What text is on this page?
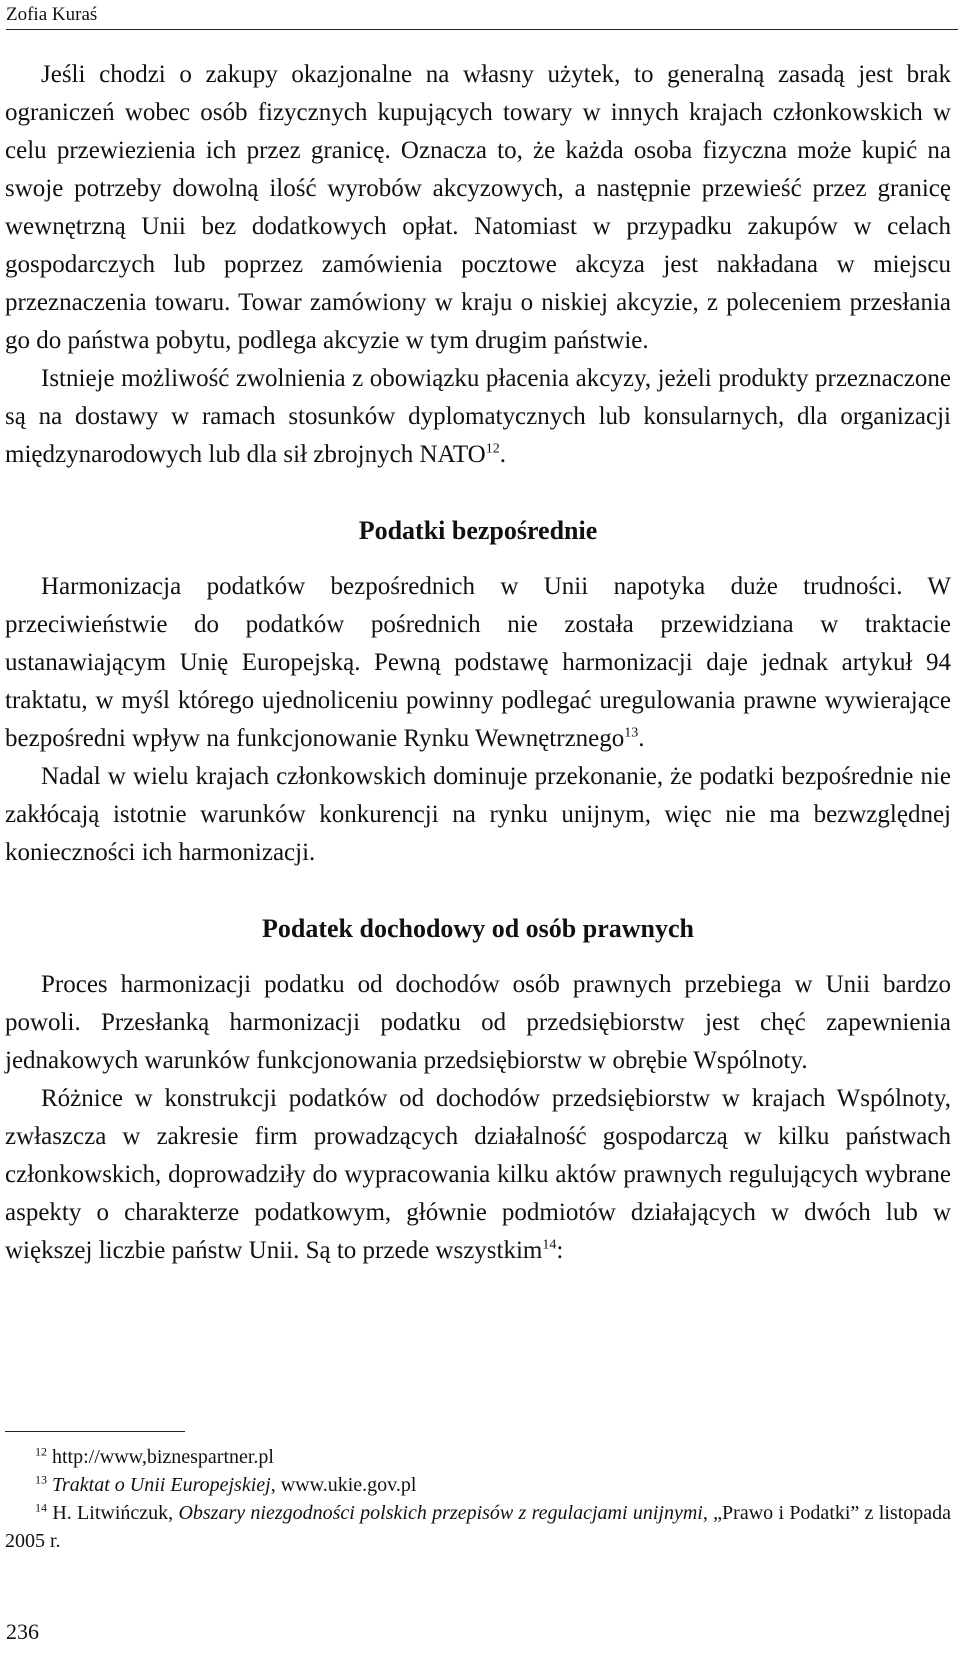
Zofia Kuraś

Jeśli chodzi o zakupy okazjonalne na własny użytek, to generalną zasadą jest brak ograniczeń wobec osób fizycznych kupujących towary w innych krajach członkowskich w celu przewiezienia ich przez granicę. Oznacza to, że każda osoba fizyczna może kupić na swoje potrzeby dowolną ilość wyrobów akcyzowych, a następnie przewieść przez granicę wewnętrzną Unii bez dodatkowych opłat. Natomiast w przypadku zakupów w celach gospodarczych lub poprzez zamówienia pocztowe akcyza jest nakładana w miejscu przeznaczenia towaru. Towar zamówiony w kraju o niskiej akcyzie, z poleceniem przesłania go do państwa pobytu, podlega akcyzie w tym drugim państwie.

Istnieje możliwość zwolnienia z obowiązku płacenia akcyzy, jeżeli produkty przeznaczone są na dostawy w ramach stosunków dyplomatycznych lub konsularnych, dla organizacji międzynarodowych lub dla sił zbrojnych NATO$^{12}$.

Podatki bezpośrednie

Harmonizacja podatków bezpośrednich w Unii napotyka duże trudności. W przeciwieństwie do podatków pośrednich nie została przewidziana w traktacie ustanawiającym Unię Europejską. Pewną podstawę harmonizacji daje jednak artykuł 94 traktatu, w myśl którego ujednoliceniu powinny podlegać uregulowania prawne wywierające bezpośredni wpływ na funkcjonowanie Rynku Wewnętrznego$^{13}$.

Nadal w wielu krajach członkowskich dominuje przekonanie, że podatki bezpośrednie nie zakłócają istotnie warunków konkurencji na rynku unijnym, więc nie ma bezwzględnej konieczności ich harmonizacji.

Podatek dochodowy od osób prawnych

Proces harmonizacji podatku od dochodów osób prawnych przebiega w Unii bardzo powoli. Przesłanką harmonizacji podatku od przedsiębiorstw jest chęć zapewnienia jednakowych warunków funkcjonowania przedsiębiorstw w obrębie Wspólnoty.

Różnice w konstrukcji podatków od dochodów przedsiębiorstw w krajach Wspólnoty, zwłaszcza w zakresie firm prowadzących działalność gospodarczą w kilku państwach członkowskich, doprowadziły do wypracowania kilku aktów prawnych regulujących wybrane aspekty o charakterze podatkowym, głównie podmiotów działających w dwóch lub w większej liczbie państw Unii. Są to przede wszystkim$^{14}$:

$^{12}$ http://www,biznespartner.pl

$^{13}$ Traktat o Unii Europejskiej, www.ukie.gov.pl

$^{14}$ H. Litwińczuk, Obszary niezgodności polskich przepisów z regulacjami unijnymi, „Prawo i Podatki” z listopada 2005 r.

236
